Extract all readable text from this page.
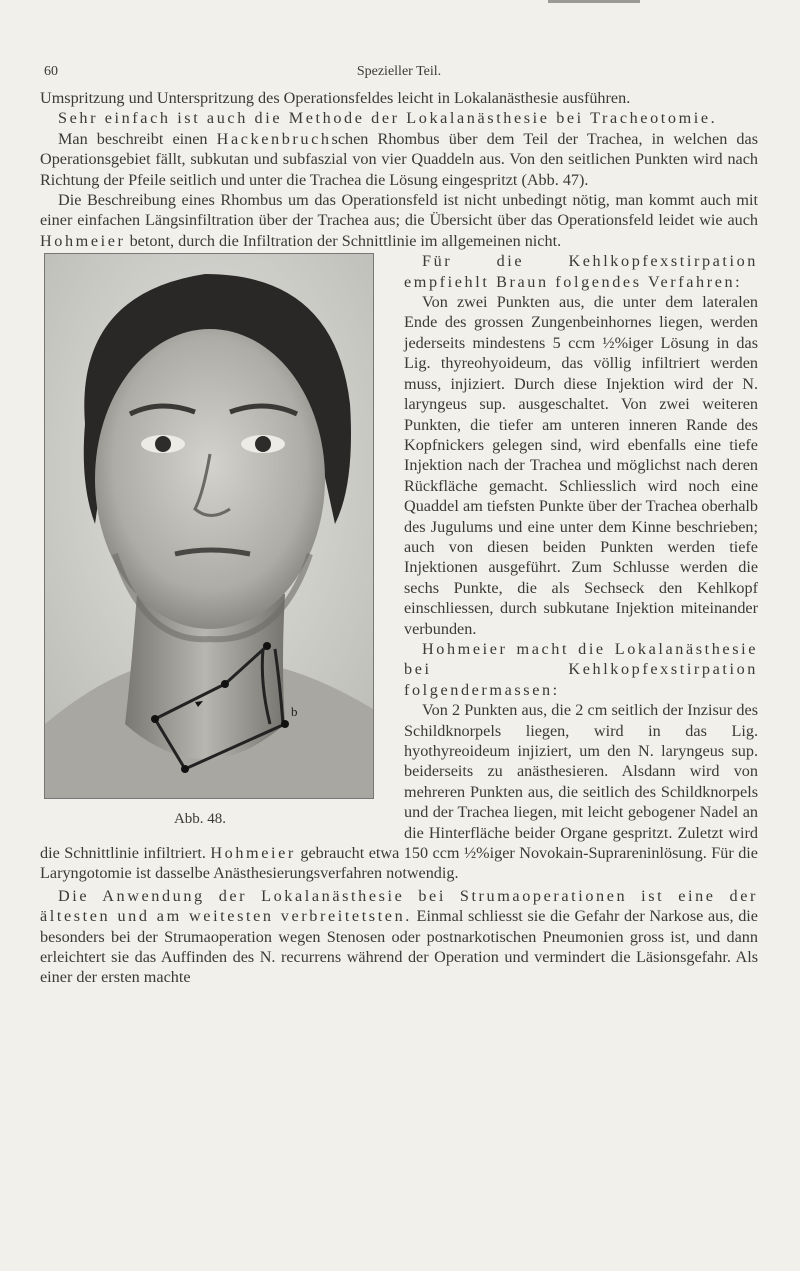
60	Spezieller Teil.

Umspritzung und Unterspritzung des Operationsfeldes leicht in Lokalanästhesie ausführen.

Sehr einfach ist auch die Methode der Lokalanästhesie bei Tracheotomie.

Man beschreibt einen Hackenbruchschen Rhombus über dem Teil der Trachea, in welchen das Operationsgebiet fällt, subkutan und subfaszial von vier Quaddeln aus. Von den seitlichen Punkten wird nach Richtung der Pfeile seitlich und unter die Trachea die Lösung eingespritzt (Abb. 47).

Die Beschreibung eines Rhombus um das Operationsfeld ist nicht unbedingt nötig, man kommt auch mit einer einfachen Längsinfiltration über der Trachea aus; die Übersicht über das Operationsfeld leidet wie auch Hohmeier betont, durch die Infiltration der Schnittlinie im allgemeinen nicht.

b
Abb. 48.

Für die Kehlkopfexstirpation empfiehlt Braun folgendes Verfahren:

Von zwei Punkten aus, die unter dem lateralen Ende des grossen Zungenbeinhornes liegen, werden jederseits mindestens 5 ccm ½%iger Lösung in das Lig. thyreohyoideum, das völlig infiltriert werden muss, injiziert. Durch diese Injektion wird der N. laryngeus sup. ausgeschaltet. Von zwei weiteren Punkten, die tiefer am unteren inneren Rande des Kopfnickers gelegen sind, wird ebenfalls eine tiefe Injektion nach der Trachea und möglichst nach deren Rückfläche gemacht. Schliesslich wird noch eine Quaddel am tiefsten Punkte über der Trachea oberhalb des Jugulums und eine unter dem Kinne beschrieben; auch von diesen beiden Punkten werden tiefe Injektionen ausgeführt. Zum Schlusse werden die sechs Punkte, die als Sechseck den Kehlkopf einschliessen, durch subkutane Injektion miteinander verbunden.

Hohmeier macht die Lokalanästhesie bei Kehlkopfexstirpation folgendermassen:

Von 2 Punkten aus, die 2 cm seitlich der Inzisur des Schildknorpels liegen, wird in das Lig. hyothyreoideum injiziert, um den N. laryngeus sup. beiderseits zu anästhesieren. Alsdann wird von mehreren Punkten aus, die seitlich des Schildknorpels und der Trachea liegen, mit leicht gebogener Nadel an die Hinterfläche beider Organe gespritzt. Zuletzt wird die Schnittlinie infiltriert. Hohmeier gebraucht etwa 150 ccm ½%iger Novokain-Suprareninlösung. Für die Laryngotomie ist dasselbe Anästhesierungsverfahren notwendig.

Die Anwendung der Lokalanästhesie bei Strumaoperationen ist eine der ältesten und am weitesten verbreitetsten. Einmal schliesst sie die Gefahr der Narkose aus, die besonders bei der Strumaoperation wegen Stenosen oder postnarkotischen Pneumonien gross ist, und dann erleichtert sie das Auffinden des N. recurrens während der Operation und vermindert die Läsionsgefahr. Als einer der ersten machte
